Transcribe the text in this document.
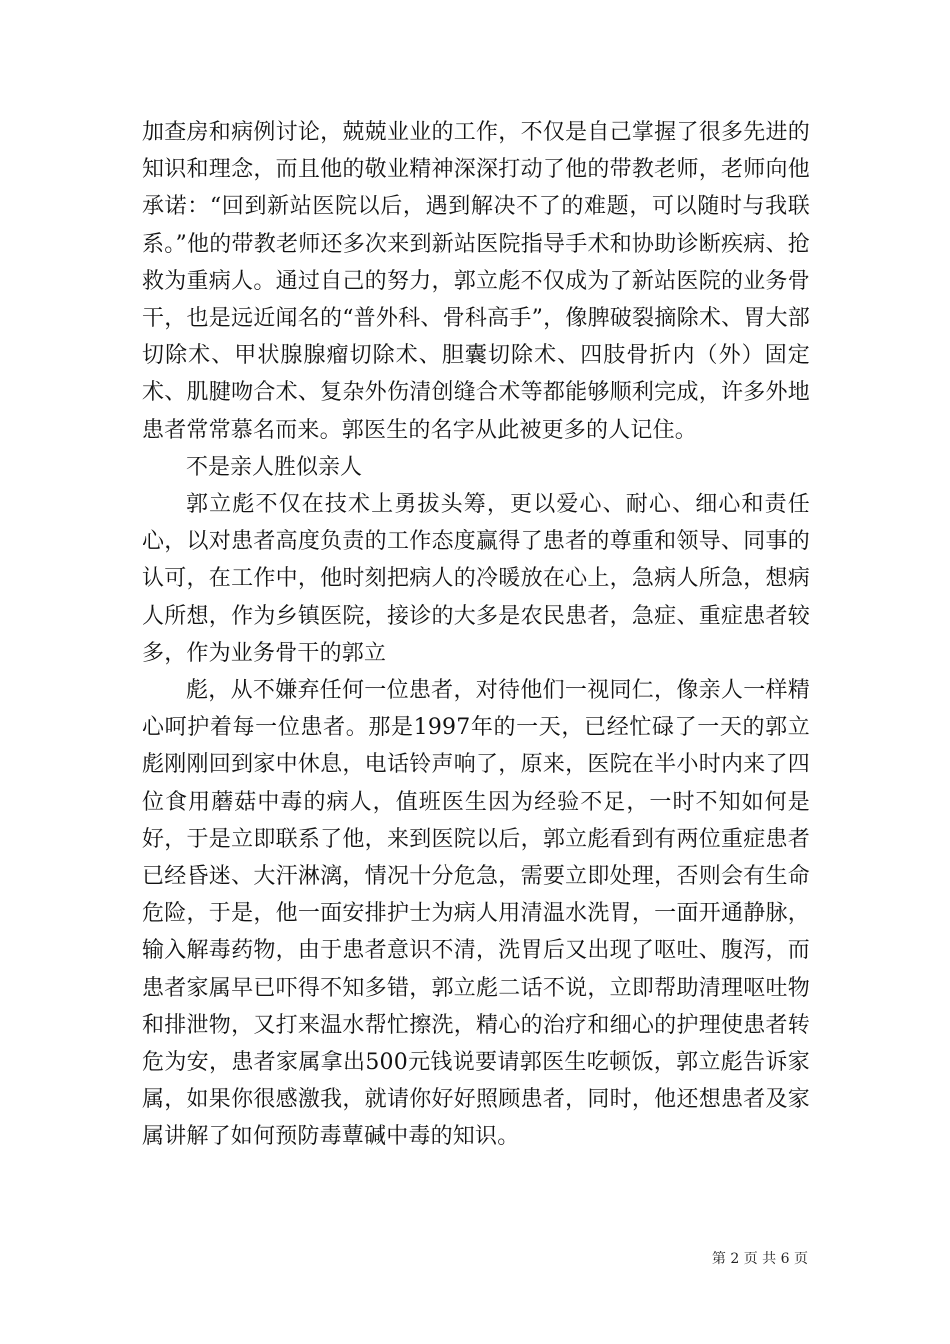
加查房和病例讨论，兢兢业业的工作，不仅是自己掌握了很多先进的知识和理念，而且他的敬业精神深深打动了他的带教老师，老师向他承诺：“回到新站医院以后，遇到解决不了的难题，可以随时与我联系。”他的带教老师还多次来到新站医院指导手术和协助诊断疾病、抢救为重病人。通过自己的努力，郭立彪不仅成为了新站医院的业务骨干，也是远近闻名的“普外科、骨科高手”，像脾破裂摘除术、胃大部切除术、甲状腺腺瘤切除术、胆囊切除术、四肢骨折内（外）固定术、肌腱吻合术、复杂外伤清创缝合术等都能够顺利完成，许多外地患者常常慕名而来。郭医生的名字从此被更多的人记住。

不是亲人胜似亲人

郭立彪不仅在技术上勇拔头筹，更以爱心、耐心、细心和责任心，以对患者高度负责的工作态度赢得了患者的尊重和领导、同事的认可，在工作中，他时刻把病人的冷暖放在心上，急病人所急，想病人所想，作为乡镇医院，接诊的大多是农民患者，急症、重症患者较多，作为业务骨干的郭立

彪，从不嫌弃任何一位患者，对待他们一视同仁，像亲人一样精心呵护着每一位患者。那是1997年的一天，已经忙碌了一天的郭立彪刚刚回到家中休息，电话铃声响了，原来，医院在半小时内来了四位食用蘑菇中毒的病人，值班医生因为经验不足，一时不知如何是好，于是立即联系了他，来到医院以后，郭立彪看到有两位重症患者已经昏迷、大汗淋漓，情况十分危急，需要立即处理，否则会有生命危险，于是，他一面安排护士为病人用清温水洗胃，一面开通静脉，输入解毒药物，由于患者意识不清，洗胃后又出现了呕吐、腹泻，而患者家属早已吓得不知多错，郭立彪二话不说，立即帮助清理呕吐物和排泄物，又打来温水帮忙擦洗，精心的治疗和细心的护理使患者转危为安，患者家属拿出500元钱说要请郭医生吃顿饭，郭立彪告诉家属，如果你很感激我，就请你好好照顾患者，同时，他还想患者及家属讲解了如何预防毒蕈碱中毒的知识。

第 2 页 共 6 页
